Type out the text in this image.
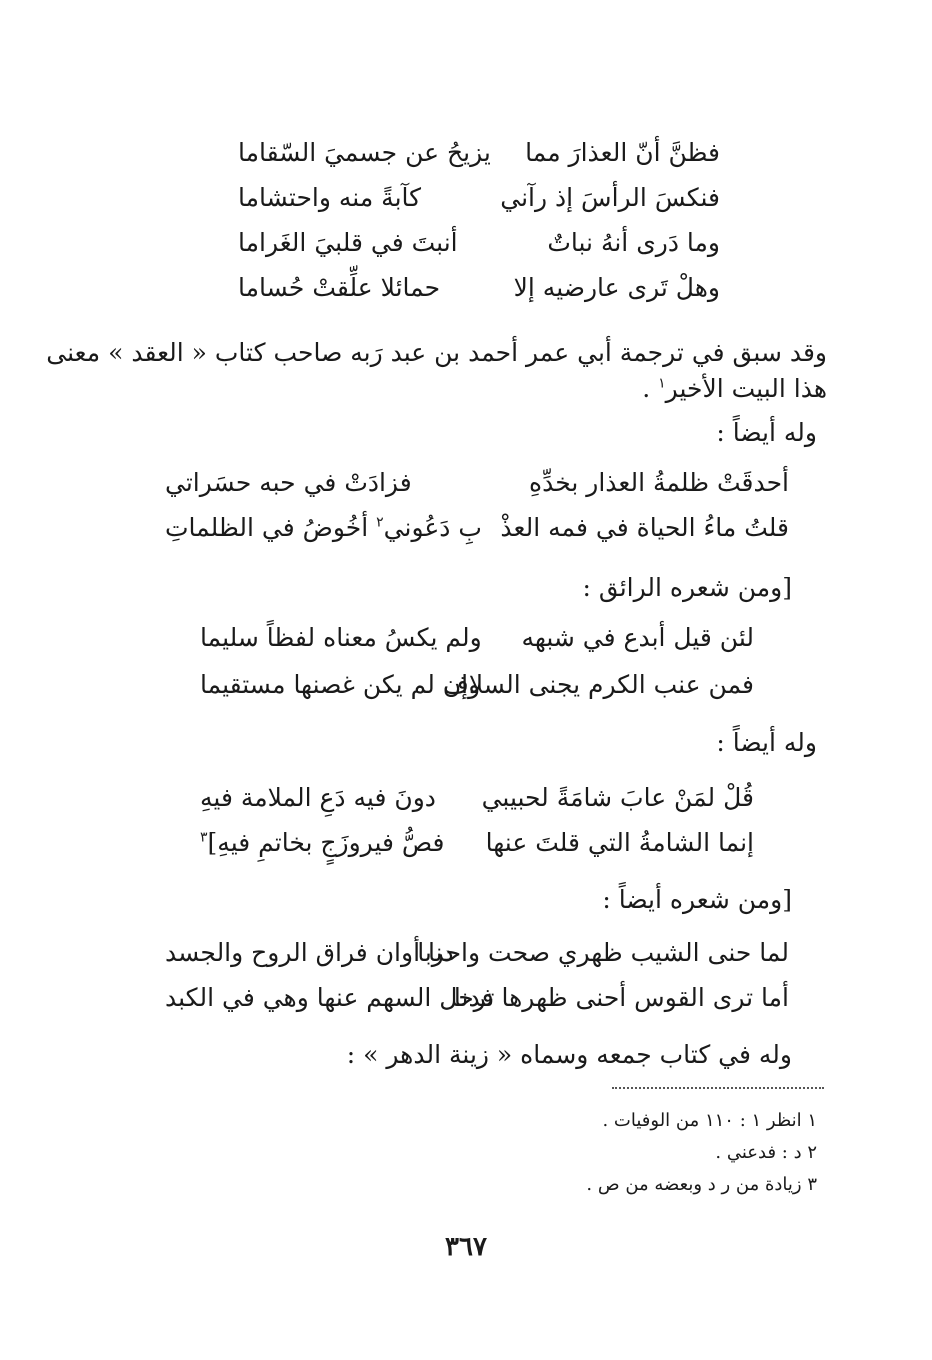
فظنَّ أنّ العذارَ مما
يزيحُ عن جسميَ السّقاما
فنكسَ الرأسَ إذ رآني
كآبةً منه واحتشاما
وما دَرى أنهُ نباتٌ
أنبتَ في قلبيَ الغَراما
وهلْ تَرى عارضيه إلا
حمائلا علِّقتْ حُساما
وقد سبق في ترجمة أبي عمر أحمد بن عبد رَبه صاحب كتاب « العقد » معنى
هذا البيت الأخير$^١$ .
وله أيضاً :
أحدقَتْ ظلمةُ العذار بخدِّهِ
فزادَتْ في حبه حسَراتي
قلتُ ماءُ الحياة في فمه العذْ
بِ دَعُوني$^٢$ أخُوضُ في الظلماتِ
[ومن شعره الرائق :
لئن قيل أبدع في شبهه
ولم يكسُ معناه لفظاً سليما
فمن عنب الكرم يجنى السلاف
وإن لم يكن غصنها مستقيما
وله أيضاً :
قُلْ لمَنْ عابَ شامَةً لحبيبي
دونَ فيه دَعِ الملامة فيهِ
إنما الشامةُ التي قلتَ عنها
فصُّ فيروزَجٍ بخاتمِ فيهِ]$^٣$
[ومن شعره أيضاً :
لما حنى الشيب ظهري صحت واحربا
دنا أوان فراق الروح والجسد
أما ترى القوس أحنى ظهرها فدنا
ترحل السهم عنها وهي في الكبد
وله في كتاب جمعه وسماه « زينة الدهر » :
١ انظر ١ : ١١٠ من الوفيات .
٢ د : فدعني .
٣ زيادة من ر د وبعضه من ص .
٣٦٧
